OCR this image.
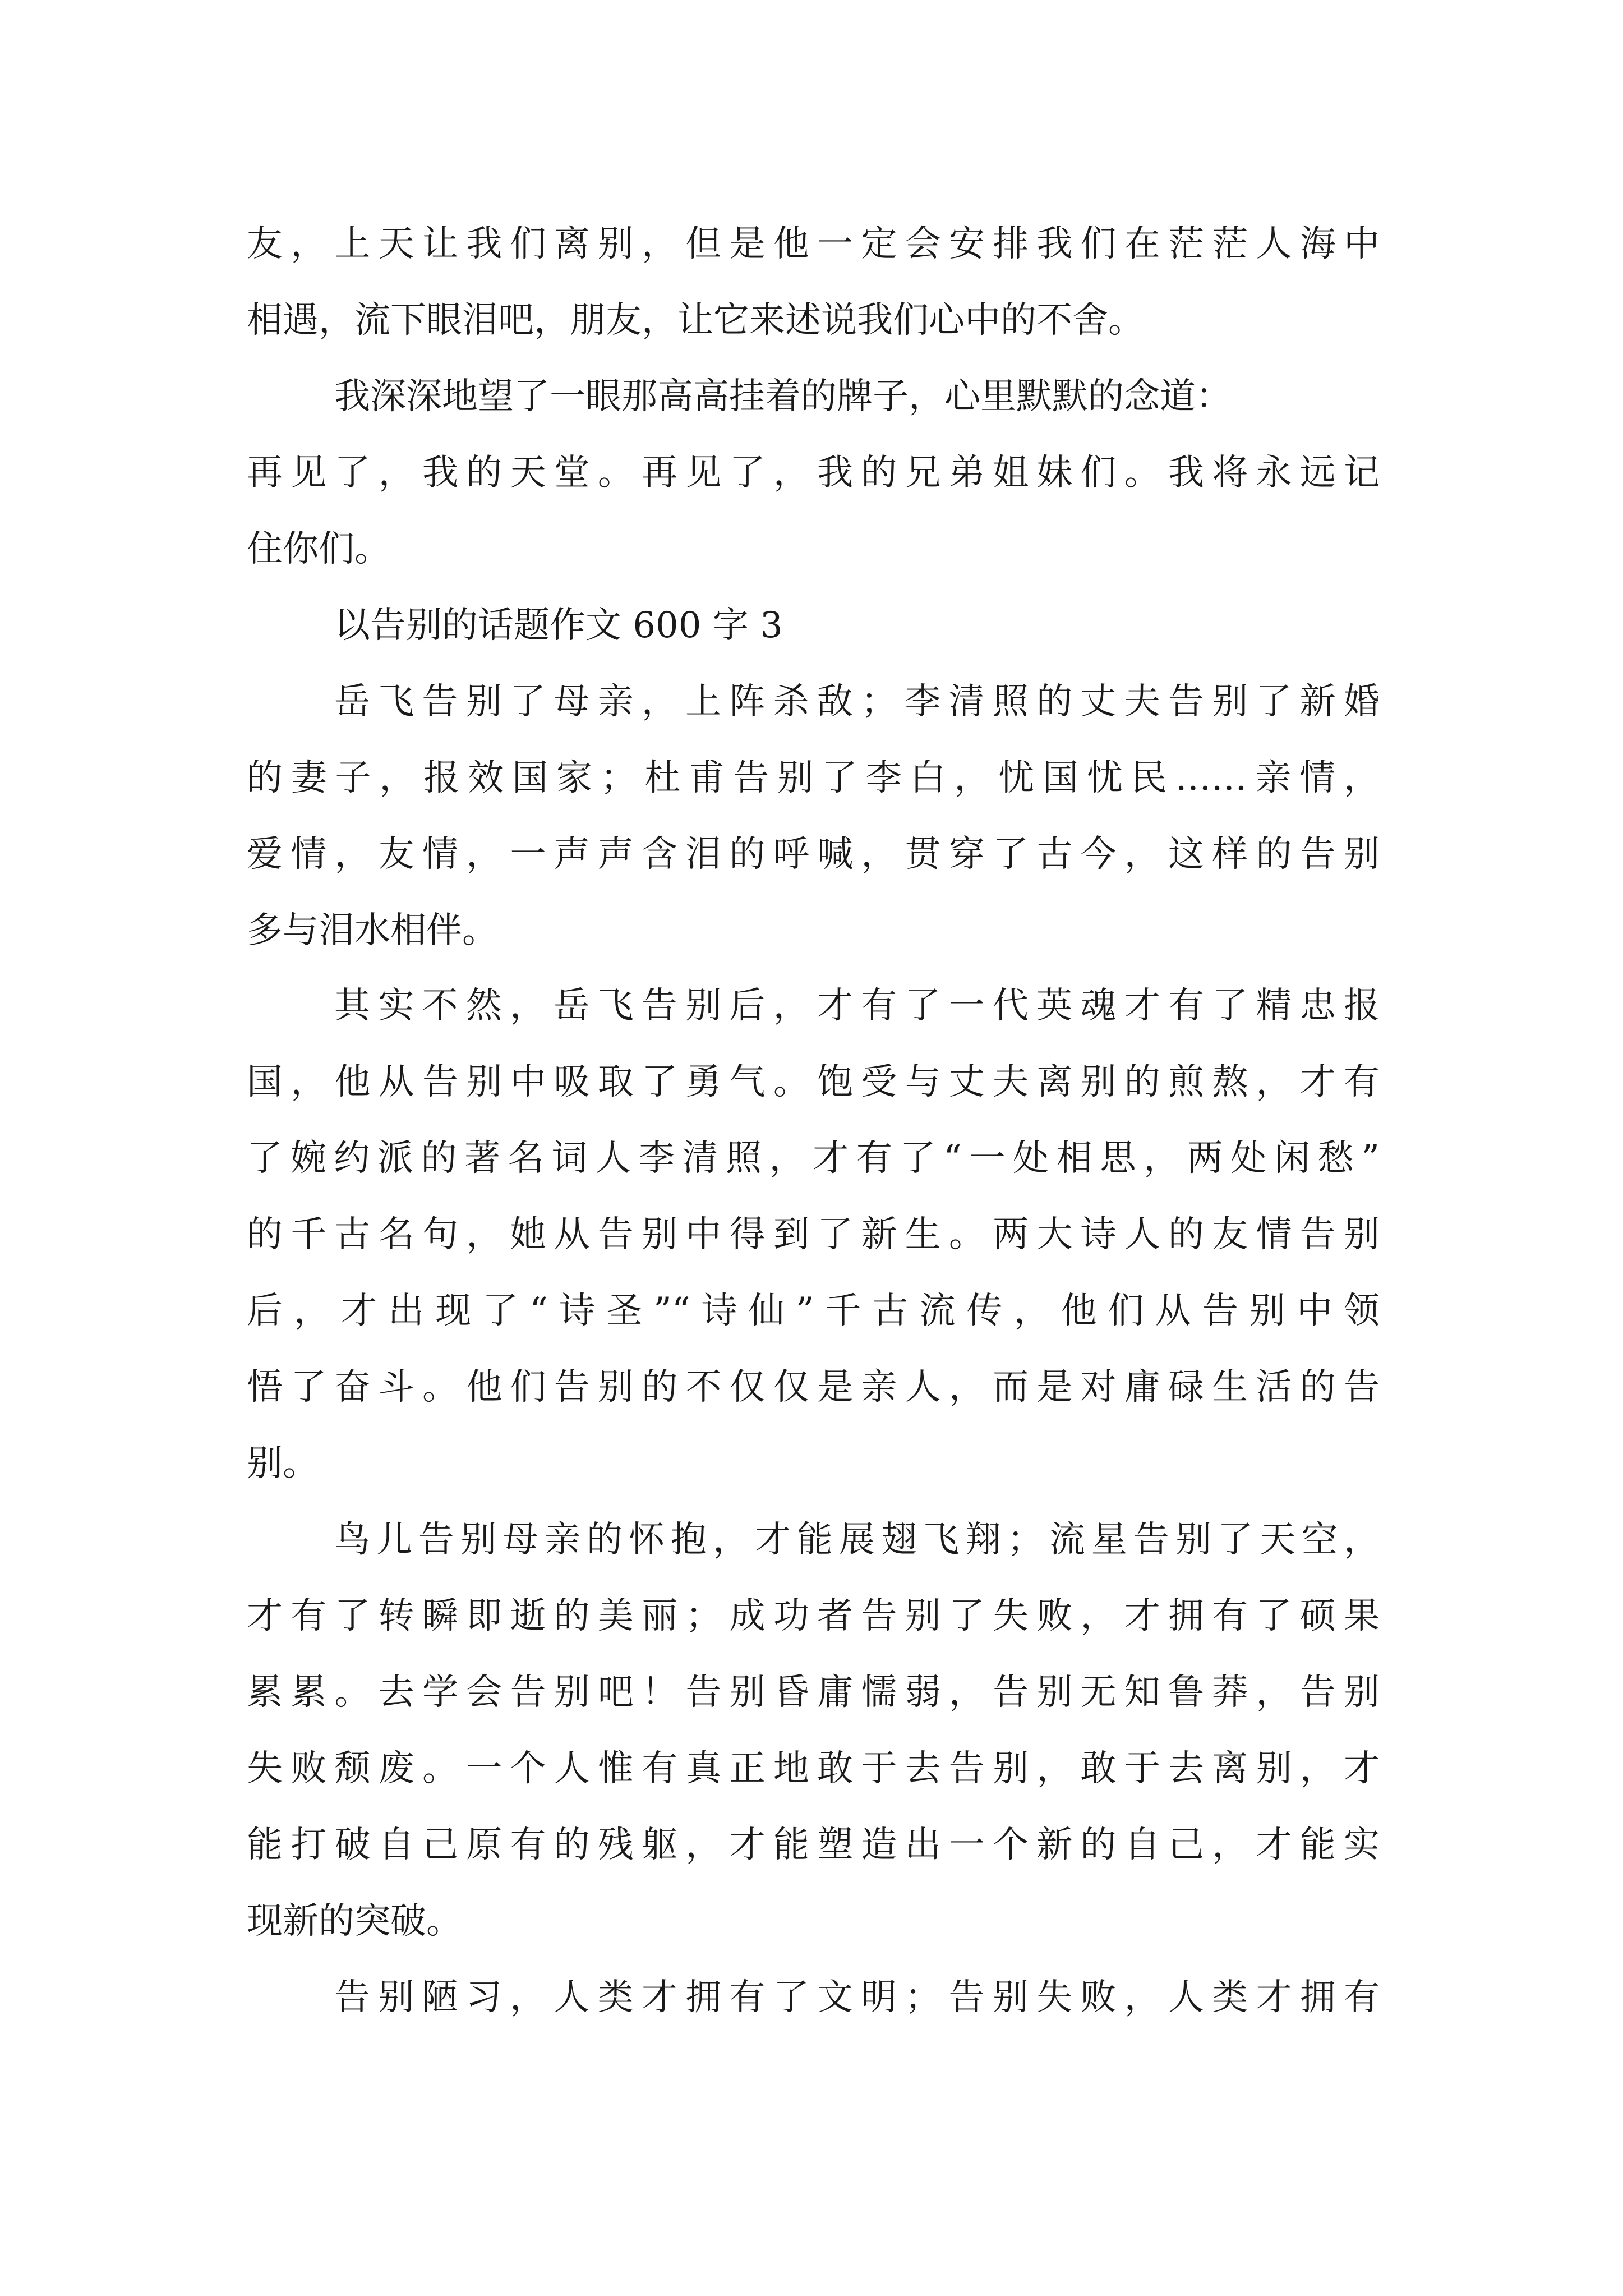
友，上天让我们离别，但是他一定会安排我们在茫茫人海中
相遇，流下眼泪吧，朋友，让它来述说我们心中的不舍。
我深深地望了一眼那高高挂着的牌子，心里默默的念道：
再见了，我的天堂。再见了，我的兄弟姐妹们。我将永远记
住你们。
以告别的话题作文 600 字 3
岳飞告别了母亲，上阵杀敌；李清照的丈夫告别了新婚
的妻子，报效国家；杜甫告别了李白，忧国忧民……亲情，
爱情，友情，一声声含泪的呼喊，贯穿了古今，这样的告别
多与泪水相伴。
其实不然，岳飞告别后，才有了一代英魂才有了精忠报
国，他从告别中吸取了勇气。饱受与丈夫离别的煎熬，才有
了婉约派的著名词人李清照，才有了“一处相思，两处闲愁”
的千古名句，她从告别中得到了新生。两大诗人的友情告别
后，才出现了“诗圣”“诗仙”千古流传，他们从告别中领
悟了奋斗。他们告别的不仅仅是亲人，而是对庸碌生活的告
别。
鸟儿告别母亲的怀抱，才能展翅飞翔；流星告别了天空，
才有了转瞬即逝的美丽；成功者告别了失败，才拥有了硕果
累累。去学会告别吧！告别昏庸懦弱，告别无知鲁莽，告别
失败颓废。一个人惟有真正地敢于去告别，敢于去离别，才
能打破自己原有的残躯，才能塑造出一个新的自己，才能实
现新的突破。
告别陋习，人类才拥有了文明；告别失败，人类才拥有
